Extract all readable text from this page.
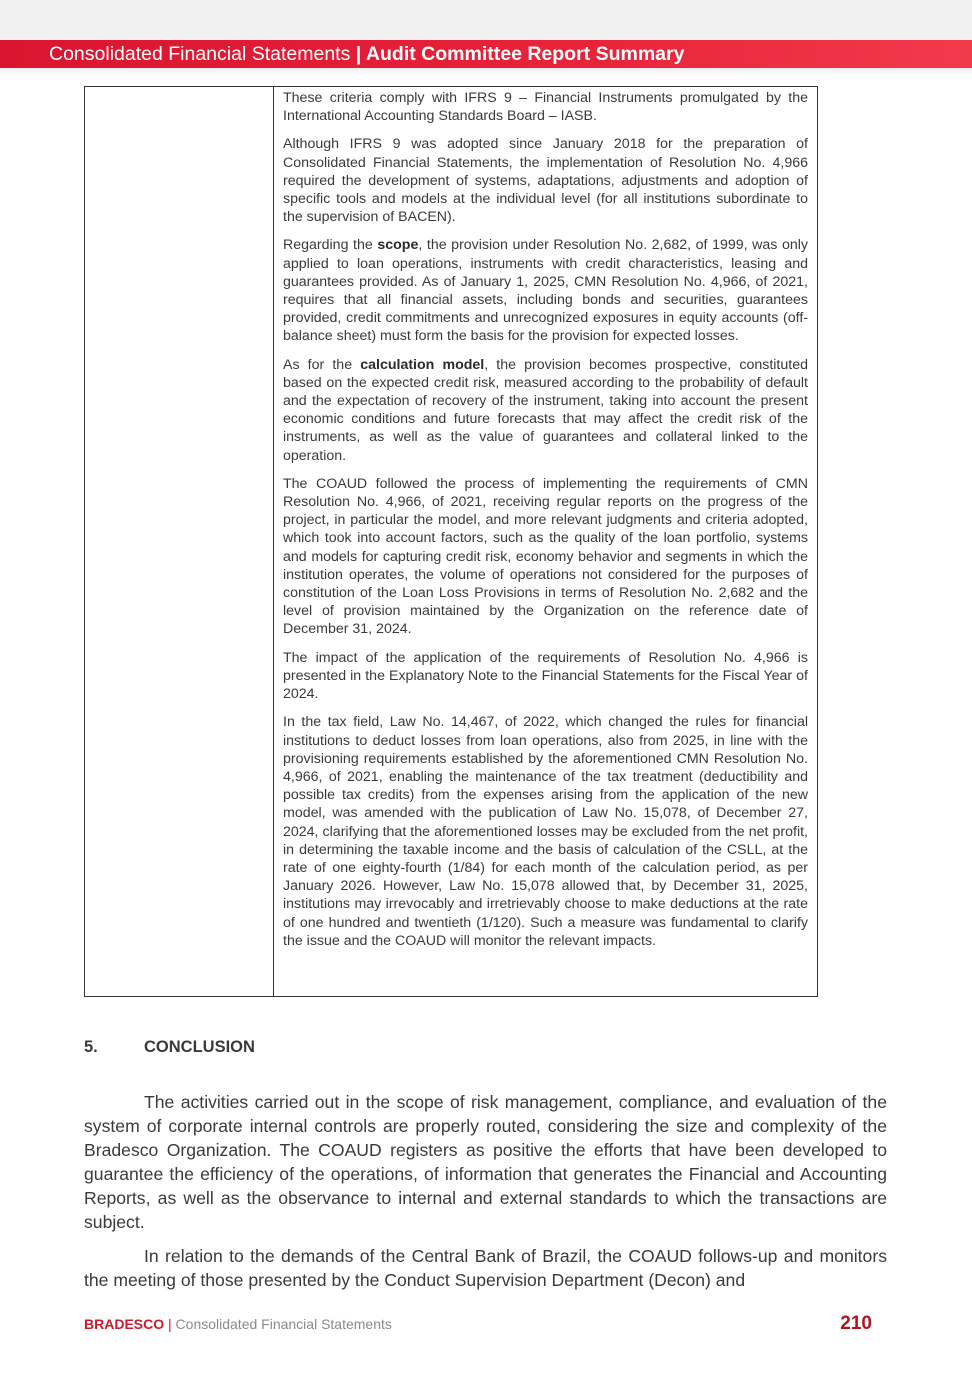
Consolidated Financial Statements | Audit Committee Report Summary

These criteria comply with IFRS 9 – Financial Instruments promulgated by the International Accounting Standards Board – IASB.

Although IFRS 9 was adopted since January 2018 for the preparation of Consolidated Financial Statements, the implementation of Resolution No. 4,966 required the development of systems, adaptations, adjustments and adoption of specific tools and models at the individual level (for all institutions subordinate to the supervision of BACEN).

Regarding the scope, the provision under Resolution No. 2,682, of 1999, was only applied to loan operations, instruments with credit characteristics, leasing and guarantees provided. As of January 1, 2025, CMN Resolution No. 4,966, of 2021, requires that all financial assets, including bonds and securities, guarantees provided, credit commitments and unrecognized exposures in equity accounts (off-balance sheet) must form the basis for the provision for expected losses.

As for the calculation model, the provision becomes prospective, constituted based on the expected credit risk, measured according to the probability of default and the expectation of recovery of the instrument, taking into account the present economic conditions and future forecasts that may affect the credit risk of the instruments, as well as the value of guarantees and collateral linked to the operation.

The COAUD followed the process of implementing the requirements of CMN Resolution No. 4,966, of 2021, receiving regular reports on the progress of the project, in particular the model, and more relevant judgments and criteria adopted, which took into account factors, such as the quality of the loan portfolio, systems and models for capturing credit risk, economy behavior and segments in which the institution operates, the volume of operations not considered for the purposes of constitution of the Loan Loss Provisions in terms of Resolution No. 2,682 and the level of provision maintained by the Organization on the reference date of December 31, 2024.

The impact of the application of the requirements of Resolution No. 4,966 is presented in the Explanatory Note to the Financial Statements for the Fiscal Year of 2024.

In the tax field, Law No. 14,467, of 2022, which changed the rules for financial institutions to deduct losses from loan operations, also from 2025, in line with the provisioning requirements established by the aforementioned CMN Resolution No. 4,966, of 2021, enabling the maintenance of the tax treatment (deductibility and possible tax credits) from the expenses arising from the application of the new model, was amended with the publication of Law No. 15,078, of December 27, 2024, clarifying that the aforementioned losses may be excluded from the net profit, in determining the taxable income and the basis of calculation of the CSLL, at the rate of one eighty-fourth (1/84) for each month of the calculation period, as per January 2026. However, Law No. 15,078 allowed that, by December 31, 2025, institutions may irrevocably and irretrievably choose to make deductions at the rate of one hundred and twentieth (1/120). Such a measure was fundamental to clarify the issue and the COAUD will monitor the relevant impacts.

5.	CONCLUSION

The activities carried out in the scope of risk management, compliance, and evaluation of the system of corporate internal controls are properly routed, considering the size and complexity of the Bradesco Organization. The COAUD registers as positive the efforts that have been developed to guarantee the efficiency of the operations, of information that generates the Financial and Accounting Reports, as well as the observance to internal and external standards to which the transactions are subject.

In relation to the demands of the Central Bank of Brazil, the COAUD follows-up and monitors the meeting of those presented by the Conduct Supervision Department (Decon) and

BRADESCO | Consolidated Financial Statements	210
